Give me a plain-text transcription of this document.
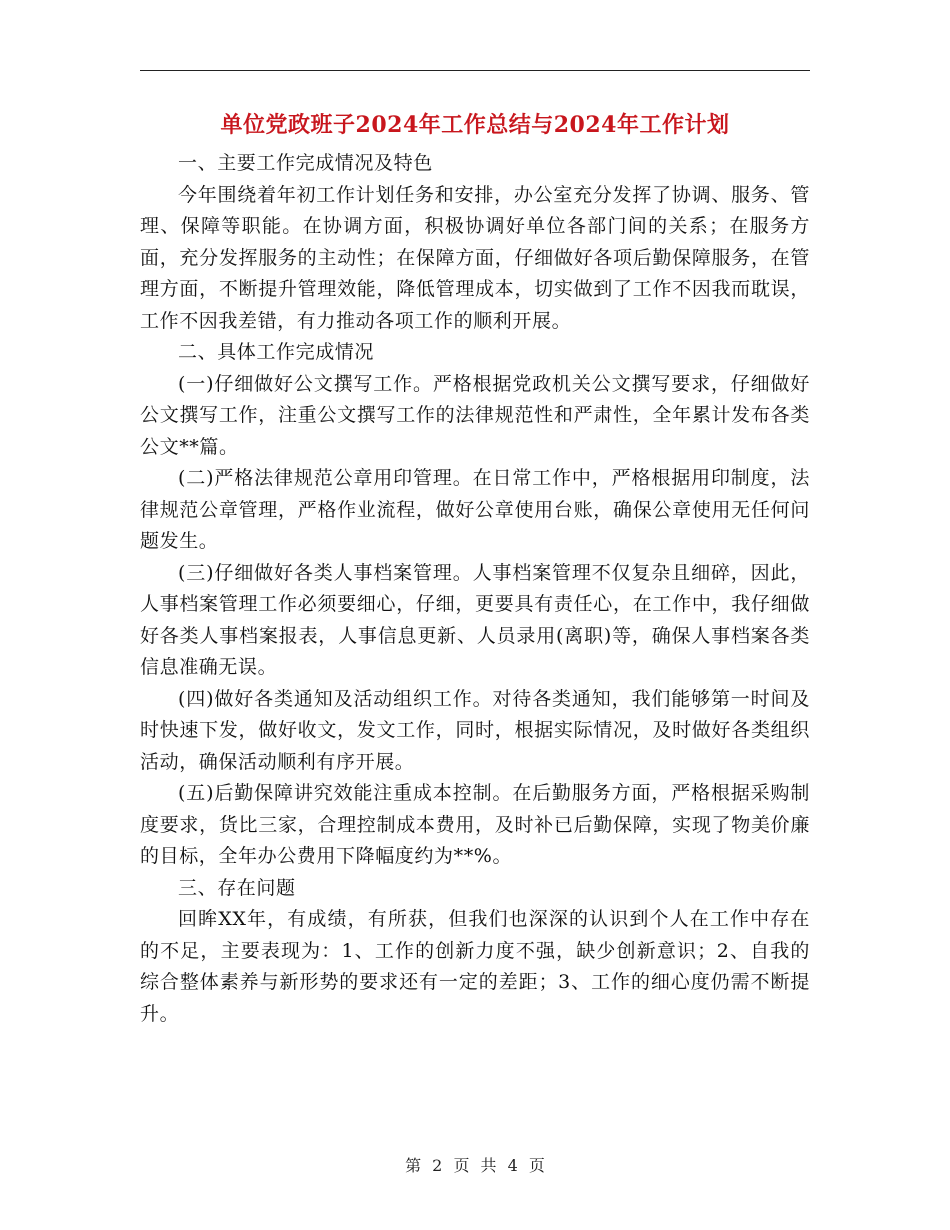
单位党政班子2024年工作总结与2024年工作计划

一、主要工作完成情况及特色

今年围绕着年初工作计划任务和安排，办公室充分发挥了协调、服务、管理、保障等职能。在协调方面，积极协调好单位各部门间的关系；在服务方面，充分发挥服务的主动性；在保障方面，仔细做好各项后勤保障服务，在管理方面，不断提升管理效能，降低管理成本，切实做到了工作不因我而耽误，工作不因我差错，有力推动各项工作的顺利开展。

二、具体工作完成情况

(一)仔细做好公文撰写工作。严格根据党政机关公文撰写要求，仔细做好公文撰写工作，注重公文撰写工作的法律规范性和严肃性，全年累计发布各类公文**篇。

(二)严格法律规范公章用印管理。在日常工作中，严格根据用印制度，法律规范公章管理，严格作业流程，做好公章使用台账，确保公章使用无任何问题发生。

(三)仔细做好各类人事档案管理。人事档案管理不仅复杂且细碎，因此，人事档案管理工作必须要细心，仔细，更要具有责任心，在工作中，我仔细做好各类人事档案报表，人事信息更新、人员录用(离职)等，确保人事档案各类信息准确无误。

(四)做好各类通知及活动组织工作。对待各类通知，我们能够第一时间及时快速下发，做好收文，发文工作，同时，根据实际情况，及时做好各类组织活动，确保活动顺利有序开展。

(五)后勤保障讲究效能注重成本控制。在后勤服务方面，严格根据采购制度要求，货比三家，合理控制成本费用，及时补已后勤保障，实现了物美价廉的目标，全年办公费用下降幅度约为**%。

三、存在问题

回眸XX年，有成绩，有所获，但我们也深深的认识到个人在工作中存在的不足，主要表现为：1、工作的创新力度不强，缺少创新意识；2、自我的综合整体素养与新形势的要求还有一定的差距；3、工作的细心度仍需不断提升。

第 2 页 共 4 页
